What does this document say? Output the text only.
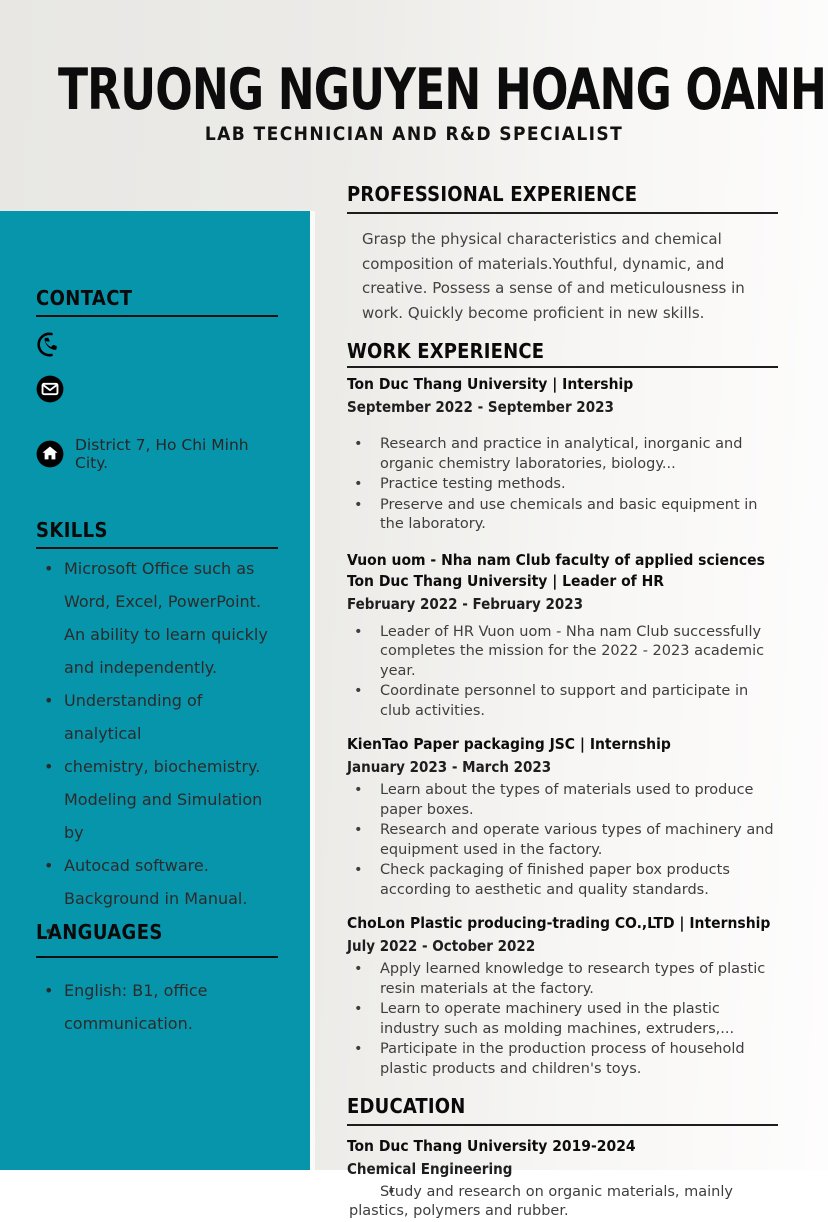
TRUONG NGUYEN HOANG OANH
LAB TECHNICIAN AND R&D SPECIALIST
CONTACT
District 7, Ho Chi Minh City.
SKILLS
• Microsoft Office such as Word, Excel, PowerPoint. An ability to learn quickly and independently.
• Understanding of analytical
• chemistry, biochemistry. Modeling and Simulation by
• Autocad software. Background in Manual.
LANGUAGES
• English: B1, office communication.
PROFESSIONAL EXPERIENCE

Grasp the physical characteristics and chemical composition of materials.Youthful, dynamic, and creative. Possess a sense of and meticulousness in work. Quickly become proficient in new skills.

WORK EXPERIENCE
Ton Duc Thang University | Intership
September 2022 - September 2023
• Research and practice in analytical, inorganic and organic chemistry laboratories, biology...
• Practice testing methods.
• Preserve and use chemicals and basic equipment in the laboratory.
Vuon uom - Nha nam Club faculty of applied sciences
Ton Duc Thang University | Leader of HR
February 2022 - February 2023
• Leader of HR Vuon uom - Nha nam Club successfully completes the mission for the 2022 - 2023 academic year.
• Coordinate personnel to support and participate in club activities.
KienTao Paper packaging JSC | Internship
January 2023 - March 2023
• Learn about the types of materials used to produce paper boxes.
• Research and operate various types of machinery and equipment used in the factory.
• Check packaging of finished paper box products according to aesthetic and quality standards.
ChoLon Plastic producing-trading CO.,LTD | Internship
July 2022 - October 2022
• Apply learned knowledge to research types of plastic resin materials at the factory.
• Learn to operate machinery used in the plastic industry such as molding machines, extruders,...
• Participate in the production process of household plastic products and children's toys.
EDUCATION
Ton Duc Thang University 2019-2024
Chemical Engineering
• Study and research on organic materials, mainly plastics, polymers and rubber.
